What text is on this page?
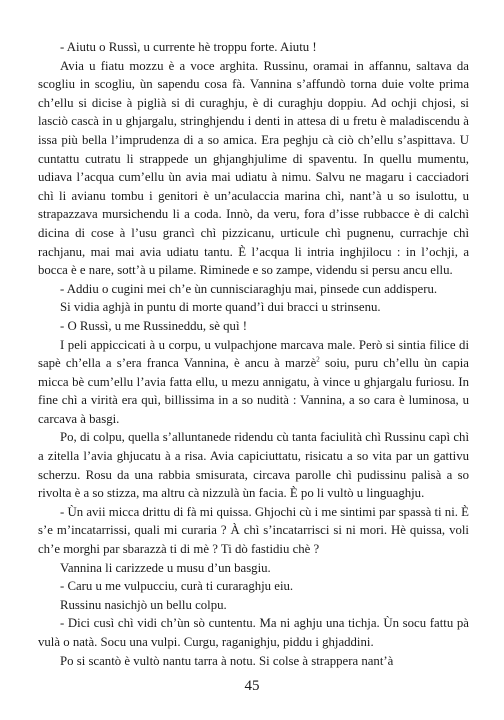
- Aiutu o Russì, u currente hè troppu forte. Aiutu !

Avia u fiatu mozzu è a voce arghita. Russinu, oramai in affannu, saltava da scogliu in scogliu, ùn sapendu cosa fà. Vannina s’affundò torna duie volte prima ch’ellu si dicise à piglià si di curaghju, è di curaghju doppiu. Ad ochji chjosi, si lasciò cascà in u ghjargalu, stringhjendu i denti in attesa di u fretu è maladiscendu à issa più bella l’imprudenza di a so amica. Era peghju cà ciò ch’ellu s’aspittava. U cuntattu cutratu li strappede un ghjanghjulime di spaventu. In quellu mumentu, udiava l’acqua cum’ellu ùn avia mai udiatu à nimu. Salvu ne magaru i cacciadori chì li avianu tombu i genitori è un’aculaccia marina chì, nant’à u so isulottu, u strapazzava mursichendu li a coda. Innò, da veru, fora d’isse rubbacce è di calchì dicina di cose à l’usu grancì chì pizzicanu, urticule chì pugnenu, currachje chì rachjanu, mai mai avia udiatu tantu. È l’acqua li intria inghjilocu : in l’ochji, a bocca è e nare, sott’à u pilame. Riminede e so zampe, videndu si persu ancu ellu.

- Addiu o cugini mei ch’e ùn cunnisciaraghju mai, pinsede cun addisperu.

Si vidia aghjà in puntu di morte quand’ì dui bracci u strinsenu.

- O Russì, u me Russineddu, sè quì !

I peli appiccicati à u corpu, u vulpachjone marcava male. Però si sintia filice di sapè ch’ella a s’era franca Vannina, è ancu à marzè$^2$ soiu, puru ch’ellu ùn capia micca bè cum’ellu l’avia fatta ellu, u mezu annigatu, à vince u ghjargalu furiosu. In fine chì a virità era quì, billissima in a so nudità : Vannina, a so cara è luminosa, u carcava à basgi.

Po, di colpu, quella s’alluntanede ridendu cù tanta faciulità chì Russinu capì chì a zitella l’avia ghjucatu à a risa. Avia capiciuttatu, risicatu a so vita par un gattivu scherzu. Rosu da una rabbia smisurata, circava parolle chì pudissinu palisà a so rivolta è a so stizza, ma altru cà nizzulà ùn facia. È po li vultò u linguaghju.

- Ùn avii micca drittu di fà mi quissa. Ghjochi cù i me sintimi par spassà ti ni. È s’e m’incatarrissi, quali mi curaria ? À chì s’incatarrisci si ni mori. Hè quissa, voli ch’e morghi par sbarazzà ti di mè ? Ti dò fastidiu chè ?

Vannina li carizzede u musu d’un basgiu.

- Caru u me vulpucciu, curà ti curaraghju eiu.

Russinu nasichjò un bellu colpu.

- Dici cusì chì vidi ch’ùn sò cuntentu. Ma ni aghju una tichja. Ùn socu fattu pà vulà o natà. Socu una vulpi. Curgu, raganighju, piddu i ghjaddini.

Po si scantò è vultò nantu tarra à notu. Si colse à strappera nant’à

45
